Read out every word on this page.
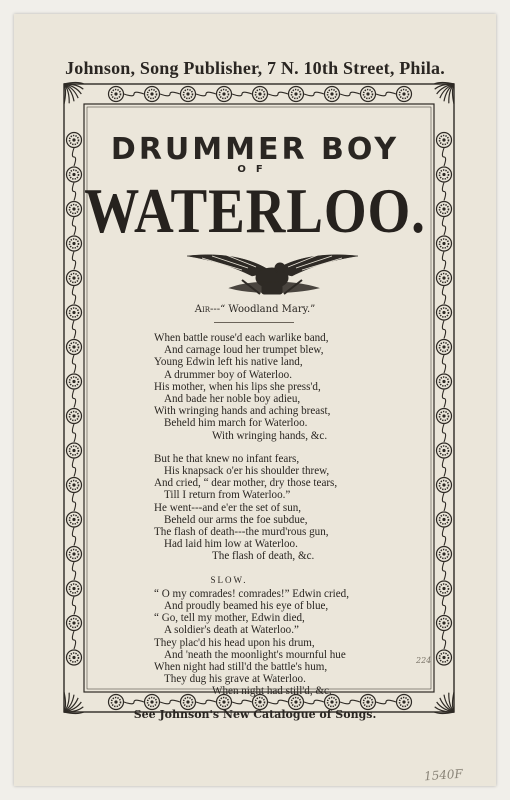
Johnson, Song Publisher, 7 N. 10th Street, Phila.
DRUMMER BOY
OF
WATERLOO.
Air---“ Woodland Mary.”
When battle rouse'd each warlike band,
And carnage loud her trumpet blew,
Young Edwin left his native land,
A drummer boy of Waterloo.
His mother, when his lips she press'd,
And bade her noble boy adieu,
With wringing hands and aching breast,
Beheld him march for Waterloo.
With wringing hands, &c.
But he that knew no infant fears,
His knapsack o'er his shoulder threw,
And cried, “ dear mother, dry those tears,
Till I return from Waterloo.”
He went---and e'er the set of sun,
Beheld our arms the foe subdue,
The flash of death---the murd'rous gun,
Had laid him low at Waterloo.
The flash of death, &c.
SLOW.
“ O my comrades! comrades!” Edwin cried,
And proudly beamed his eye of blue,
“ Go, tell my mother, Edwin died,
A soldier's death at Waterloo.”
They plac'd his head upon his drum,
And 'neath the moonlight's mournful hue
When night had still'd the battle's hum,
They dug his grave at Waterloo.
When night had still'd, &c.
See Johnson's New Catalogue of Songs.
224
1540F
